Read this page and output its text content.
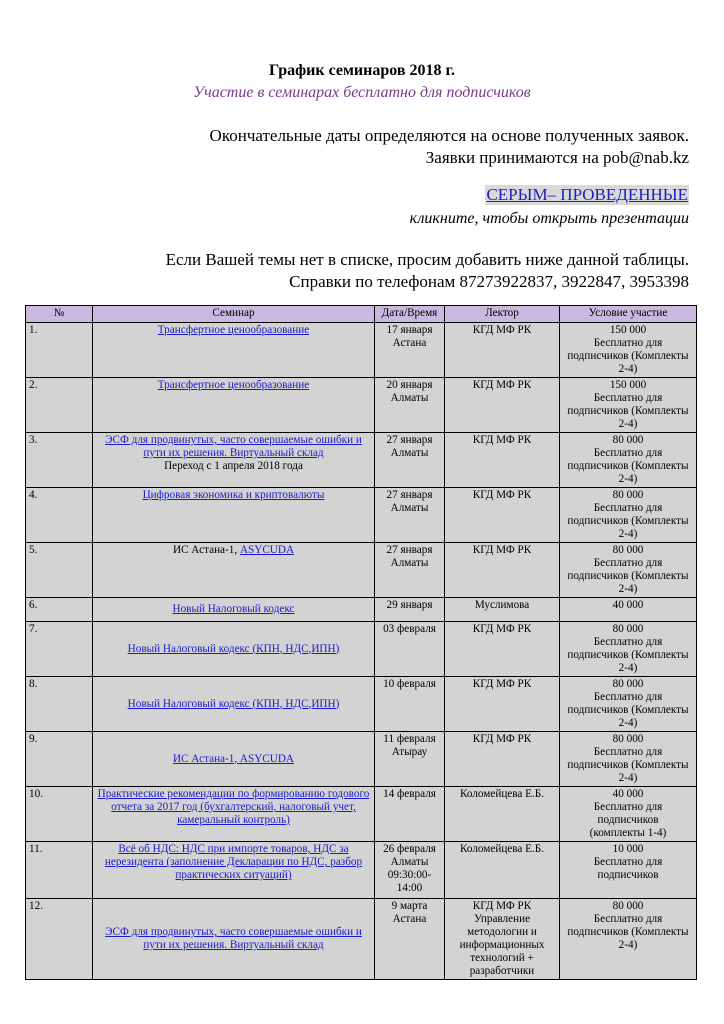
График семинаров 2018 г.
Участие в семинарах бесплатно для подписчиков
Окончательные даты определяются на основе полученных заявок.
Заявки принимаются на pob@nab.kz
СЕРЫМ– ПРОВЕДЕННЫЕ
кликните, чтобы открыть презентации
Если Вашей темы нет в списке, просим добавить ниже данной таблицы.
Справки по телефонам 87273922837, 3922847, 3953398
№	Семинар	Дата/Время	Лектор	Условие участие
1.	Трансфертное ценообразование	17 января
Астана	КГД МФ РК	150 000
Бесплатно для подписчиков (Комплекты 2-4)
2.	Трансфертное ценообразование	20 января
Алматы	КГД МФ РК	150 000
Бесплатно для подписчиков (Комплекты 2-4)
3.	ЭСФ для продвинутых, часто совершаемые ошибки и пути их решения. Виртуальный склад
Переход с 1 апреля 2018 года	27 января
Алматы	КГД МФ РК	80 000
Бесплатно для подписчиков (Комплекты 2-4)
4.	Цифровая экономика и криптовалюты	27 января
Алматы	КГД МФ РК	80 000
Бесплатно для подписчиков (Комплекты 2-4)
5.	ИС Астана-1, ASYCUDA	27 января
Алматы	КГД МФ РК	80 000
Бесплатно для подписчиков (Комплекты 2-4)
6.	Новый Налоговый кодекс	29 января	Муслимова	40 000
7.	Новый Налоговый кодекс (КПН, НДС,ИПН)	03 февраля	КГД МФ РК	80 000
Бесплатно для подписчиков (Комплекты 2-4)
8.	Новый Налоговый кодекс (КПН, НДС,ИПН)	10 февраля	КГД МФ РК	80 000
Бесплатно для подписчиков (Комплекты 2-4)
9.	ИС Астана-1, ASYCUDA	11 февраля
Атырау	КГД МФ РК	80 000
Бесплатно для подписчиков (Комплекты 2-4)
10.	Практические рекомендации по формированию годового отчета за 2017 год (бухгалтерский, налоговый учет, камеральный контроль)	14 февраля	Коломейцева Е.Б.	40 000
Бесплатно для подписчиков
(комплекты 1-4)
11.	Всё об НДС: НДС при импорте товаров, НДС за нерезидента (заполнение Декларации по НДС, разбор практических ситуаций)	26 февраля
Алматы
09:30:00-
14:00	Коломейцева Е.Б.	10 000
Бесплатно для подписчиков
12.	ЭСФ для продвинутых, часто совершаемые ошибки и пути их решения. Виртуальный склад	9 марта
Астана	КГД МФ РК
Управление методологии и информационных технологий + разработчики	80 000
Бесплатно для подписчиков (Комплекты 2-4)
